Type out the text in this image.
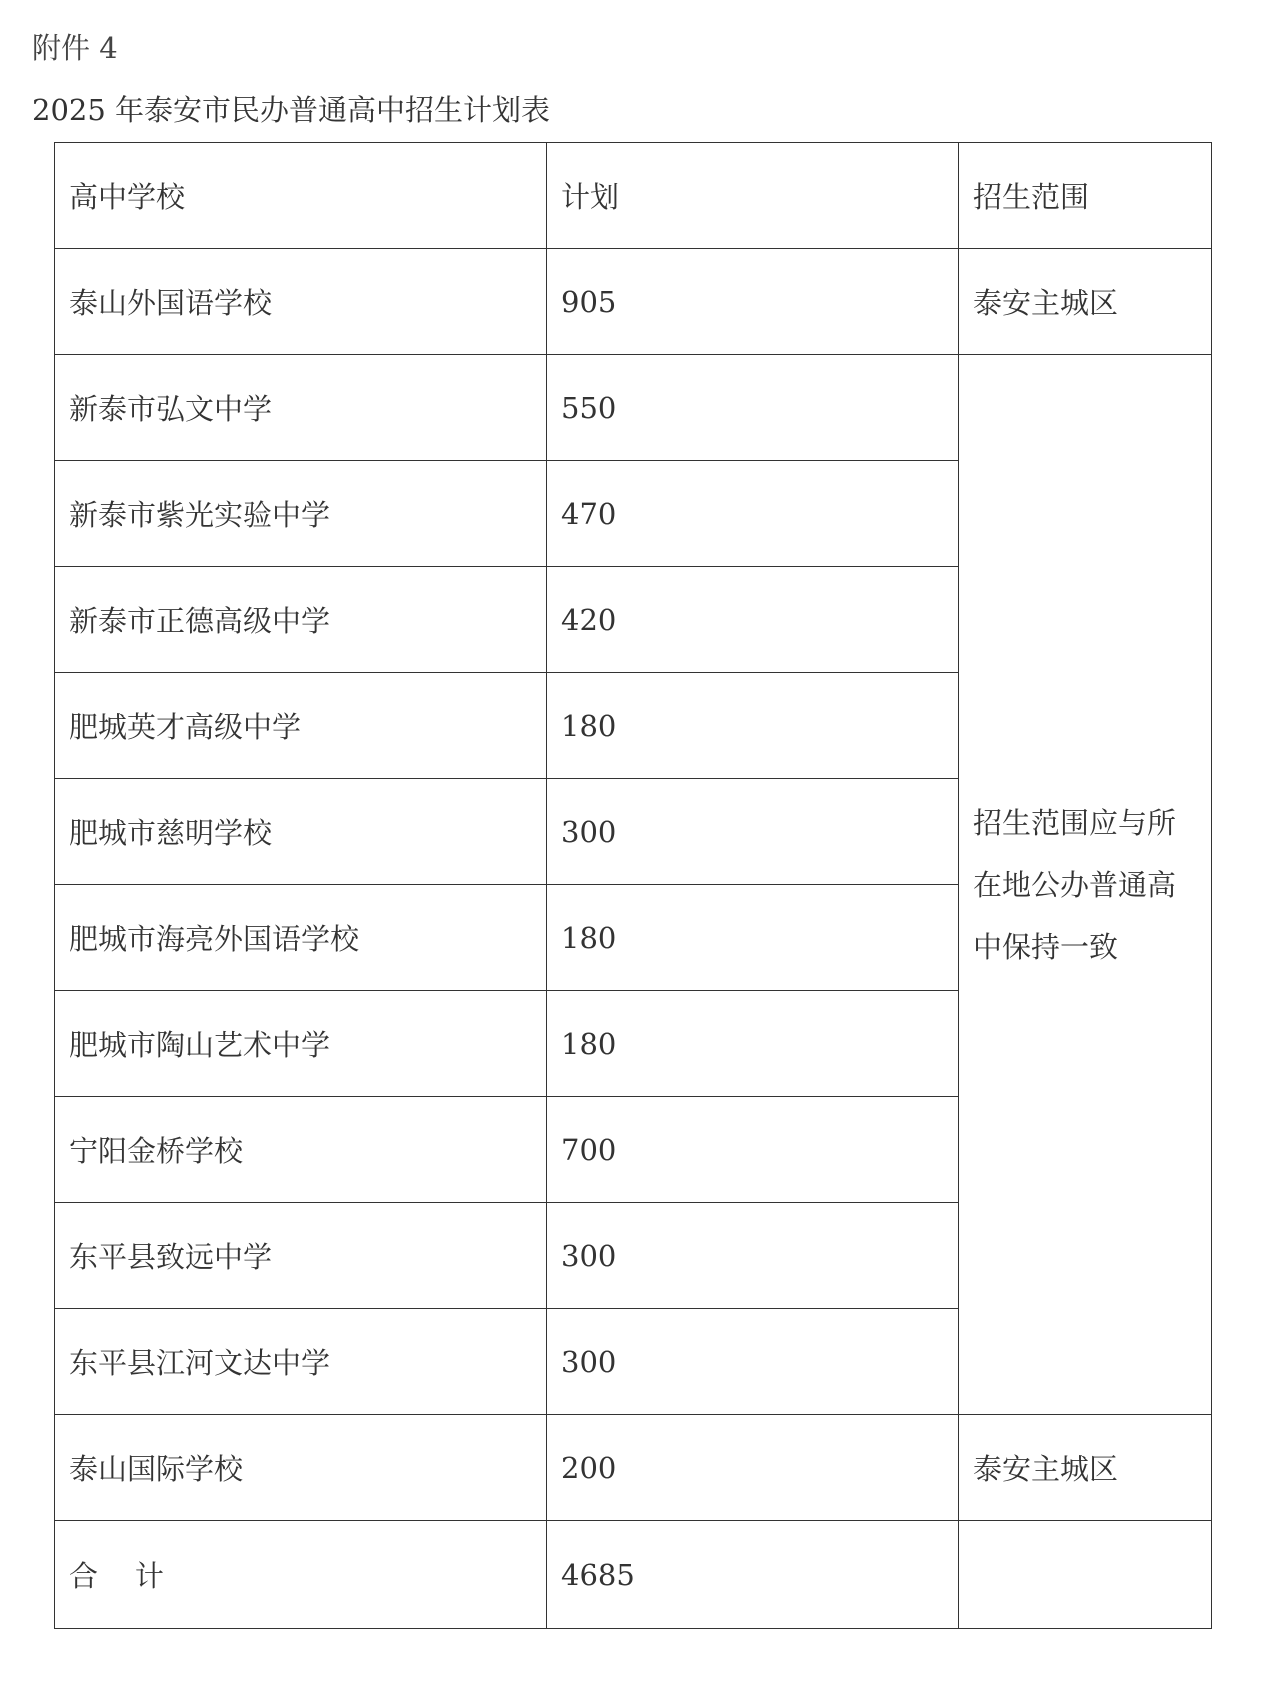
附件 4
2025 年泰安市民办普通高中招生计划表
高中学校	计划	招生范围
泰山外国语学校	905	泰安主城区
新泰市弘文中学	550	招生范围应与所在地公办普通高中保持一致
新泰市紫光实验中学	470	
新泰市正德高级中学	420	
肥城英才高级中学	180	
肥城市慈明学校	300	
肥城市海亮外国语学校	180	
肥城市陶山艺术中学	180	
宁阳金桥学校	700	
东平县致远中学	300	
东平县江河文达中学	300	
泰山国际学校	200	泰安主城区
合    计	4685	
